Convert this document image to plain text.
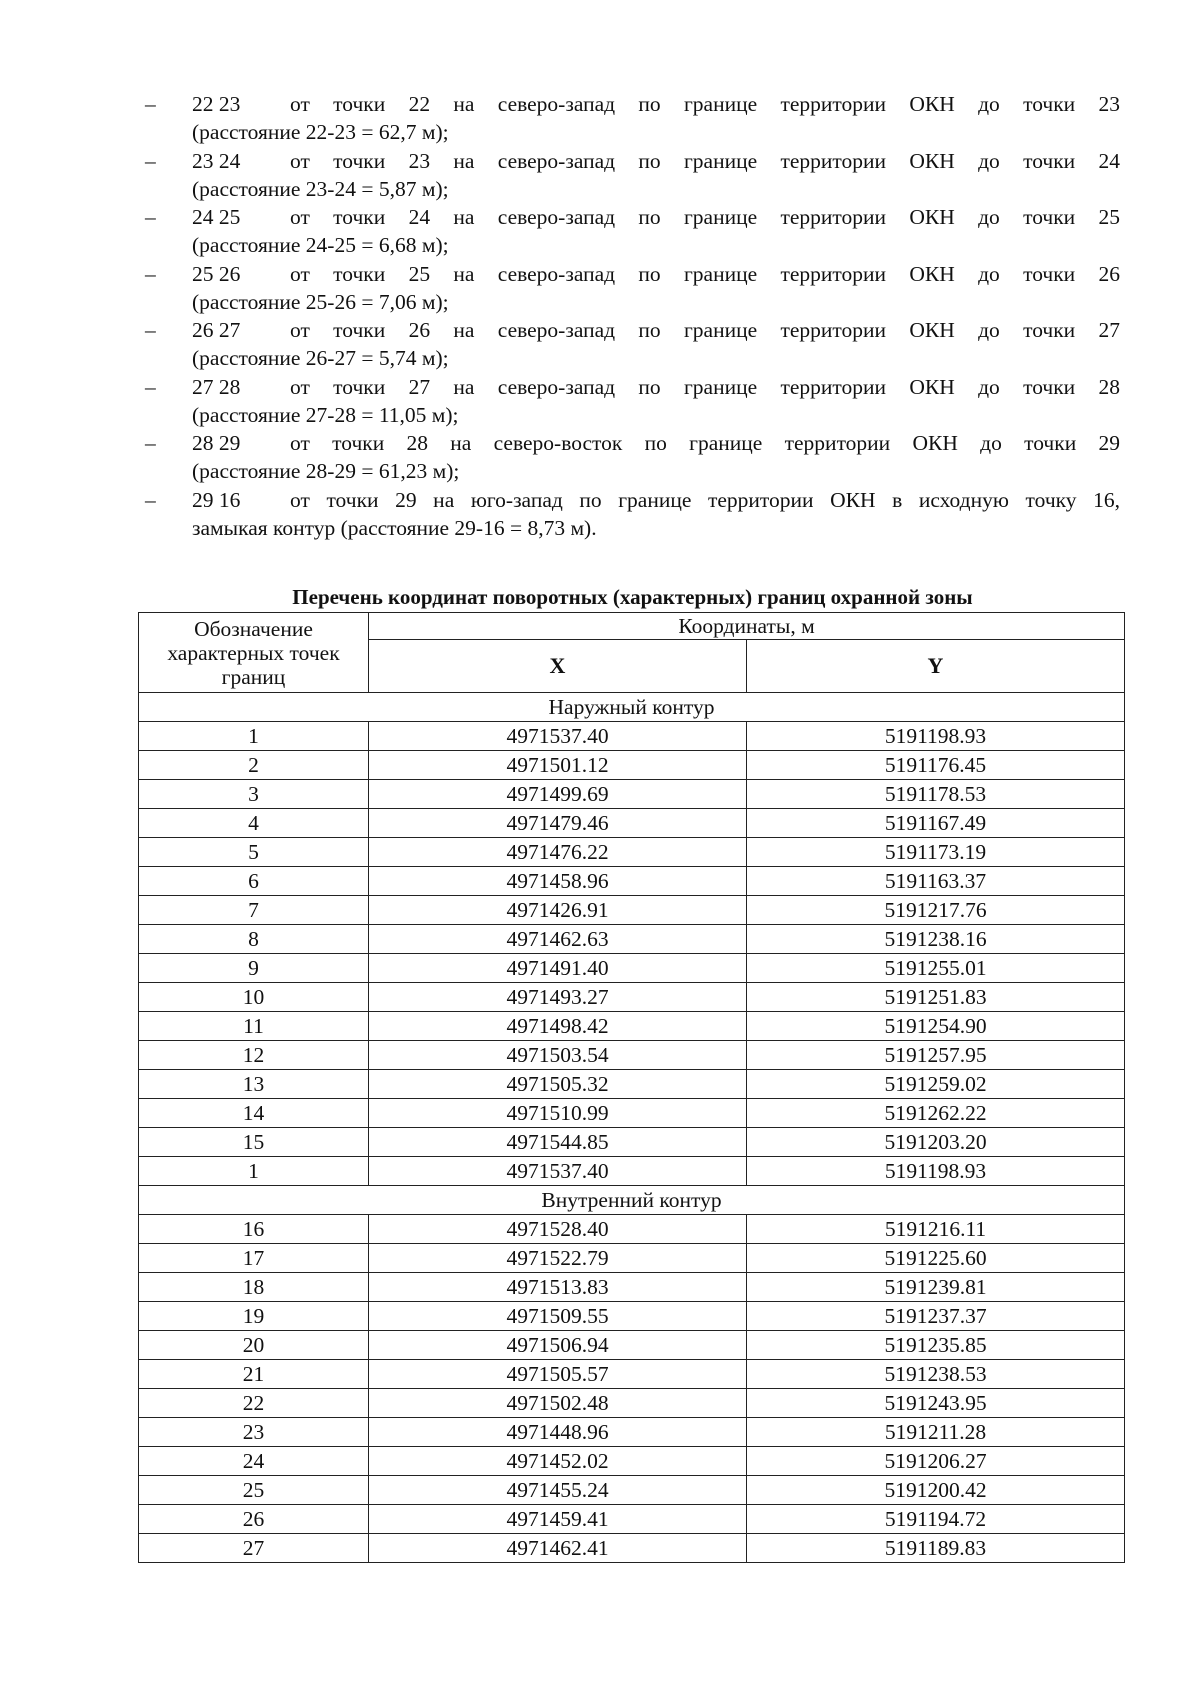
– 22 23 от точки 22 на северо-запад по границе территории ОКН до точки 23
(расстояние 22-23 = 62,7 м);
– 23 24 от точки 23 на северо-запад по границе территории ОКН до точки 24
(расстояние 23-24 = 5,87 м);
– 24 25 от точки 24 на северо-запад по границе территории ОКН до точки 25
(расстояние 24-25 = 6,68 м);
– 25 26 от точки 25 на северо-запад по границе территории ОКН до точки 26
(расстояние 25-26 = 7,06 м);
– 26 27 от точки 26 на северо-запад по границе территории ОКН до точки 27
(расстояние 26-27 = 5,74 м);
– 27 28 от точки 27 на северо-запад по границе территории ОКН до точки 28
(расстояние 27-28 = 11,05 м);
– 28 29 от точки 28 на северо-восток по границе территории ОКН до точки 29
(расстояние 28-29 = 61,23 м);
– 29 16 от точки 29 на юго-запад по границе территории ОКН в исходную точку 16,
замыкая контур (расстояние 29-16 = 8,73 м).
Перечень координат поворотных (характерных) границ охранной зоны
Обозначение характерных точек границ	Координаты, м	
	X	Y
Наружный контур		
1	4971537.40	5191198.93
2	4971501.12	5191176.45
3	4971499.69	5191178.53
4	4971479.46	5191167.49
5	4971476.22	5191173.19
6	4971458.96	5191163.37
7	4971426.91	5191217.76
8	4971462.63	5191238.16
9	4971491.40	5191255.01
10	4971493.27	5191251.83
11	4971498.42	5191254.90
12	4971503.54	5191257.95
13	4971505.32	5191259.02
14	4971510.99	5191262.22
15	4971544.85	5191203.20
1	4971537.40	5191198.93
Внутренний контур		
16	4971528.40	5191216.11
17	4971522.79	5191225.60
18	4971513.83	5191239.81
19	4971509.55	5191237.37
20	4971506.94	5191235.85
21	4971505.57	5191238.53
22	4971502.48	5191243.95
23	4971448.96	5191211.28
24	4971452.02	5191206.27
25	4971455.24	5191200.42
26	4971459.41	5191194.72
27	4971462.41	5191189.83
